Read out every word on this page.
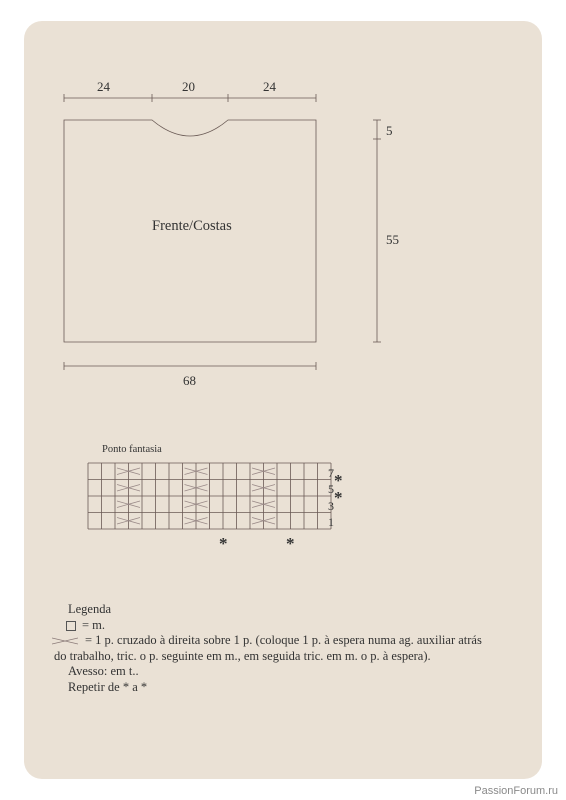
24	20	24
5
55
68
Frente/Costas
Ponto fantasia
7
5
3
1
*
*
*	*
Legenda
= m.
= 1 p. cruzado à direita sobre 1 p. (coloque 1 p. à espera numa ag. auxiliar atrás
do trabalho, tric. o p. seguinte em m., em seguida tric. em m. o p. à espera).
Avesso: em t..
Repetir de * a *
PassionForum.ru
